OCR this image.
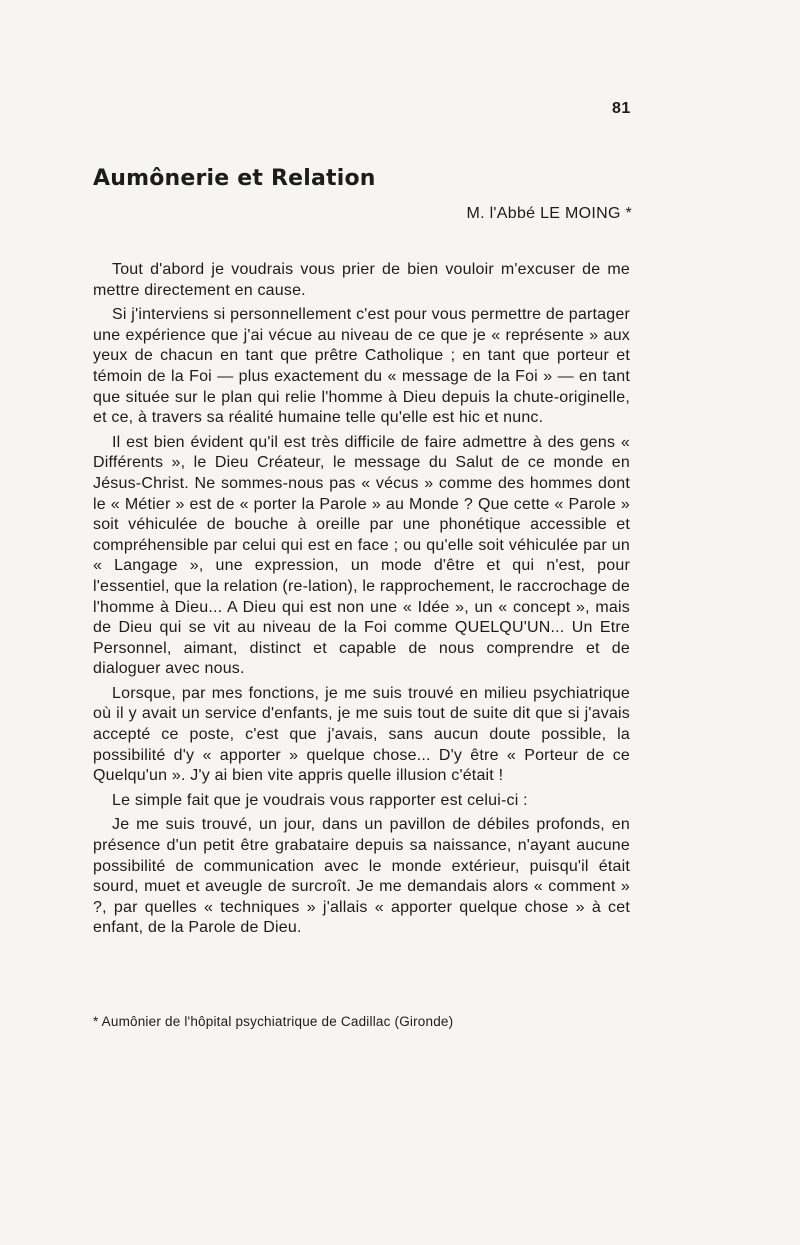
81
Aumônerie et Relation
M. l'Abbé LE MOING *

Tout d'abord je voudrais vous prier de bien vouloir m'excuser de me mettre directement en cause.

Si j'interviens si personnellement c'est pour vous permettre de partager une expérience que j'ai vécue au niveau de ce que je « représente » aux yeux de chacun en tant que prêtre Catholique ; en tant que porteur et témoin de la Foi — plus exactement du « message de la Foi » — en tant que située sur le plan qui relie l'homme à Dieu depuis la chute-originelle, et ce, à travers sa réalité humaine telle qu'elle est hic et nunc.

Il est bien évident qu'il est très difficile de faire admettre à des gens « Différents », le Dieu Créateur, le message du Salut de ce monde en Jésus-Christ. Ne sommes-nous pas « vécus » comme des hommes dont le « Métier » est de « porter la Parole » au Monde ? Que cette « Parole » soit véhiculée de bouche à oreille par une phonétique accessible et compréhensible par celui qui est en face ; ou qu'elle soit véhiculée par un « Langage », une expression, un mode d'être et qui n'est, pour l'essentiel, que la relation (re-lation), le rapprochement, le raccrochage de l'homme à Dieu... A Dieu qui est non une « Idée », un « concept », mais de Dieu qui se vit au niveau de la Foi comme QUELQU'UN... Un Etre Personnel, aimant, distinct et capable de nous comprendre et de dialoguer avec nous.

Lorsque, par mes fonctions, je me suis trouvé en milieu psychiatrique où il y avait un service d'enfants, je me suis tout de suite dit que si j'avais accepté ce poste, c'est que j'avais, sans aucun doute possible, la possibilité d'y « apporter » quelque chose... D'y être « Porteur de ce Quelqu'un ». J'y ai bien vite appris quelle illusion c'était !

Le simple fait que je voudrais vous rapporter est celui-ci :

Je me suis trouvé, un jour, dans un pavillon de débiles profonds, en présence d'un petit être grabataire depuis sa naissance, n'ayant aucune possibilité de communication avec le monde extérieur, puisqu'il était sourd, muet et aveugle de surcroît. Je me demandais alors « comment » ?, par quelles « techniques » j'allais « apporter quelque chose » à cet enfant, de la Parole de Dieu.

* Aumônier de l'hôpital psychiatrique de Cadillac (Gironde)
